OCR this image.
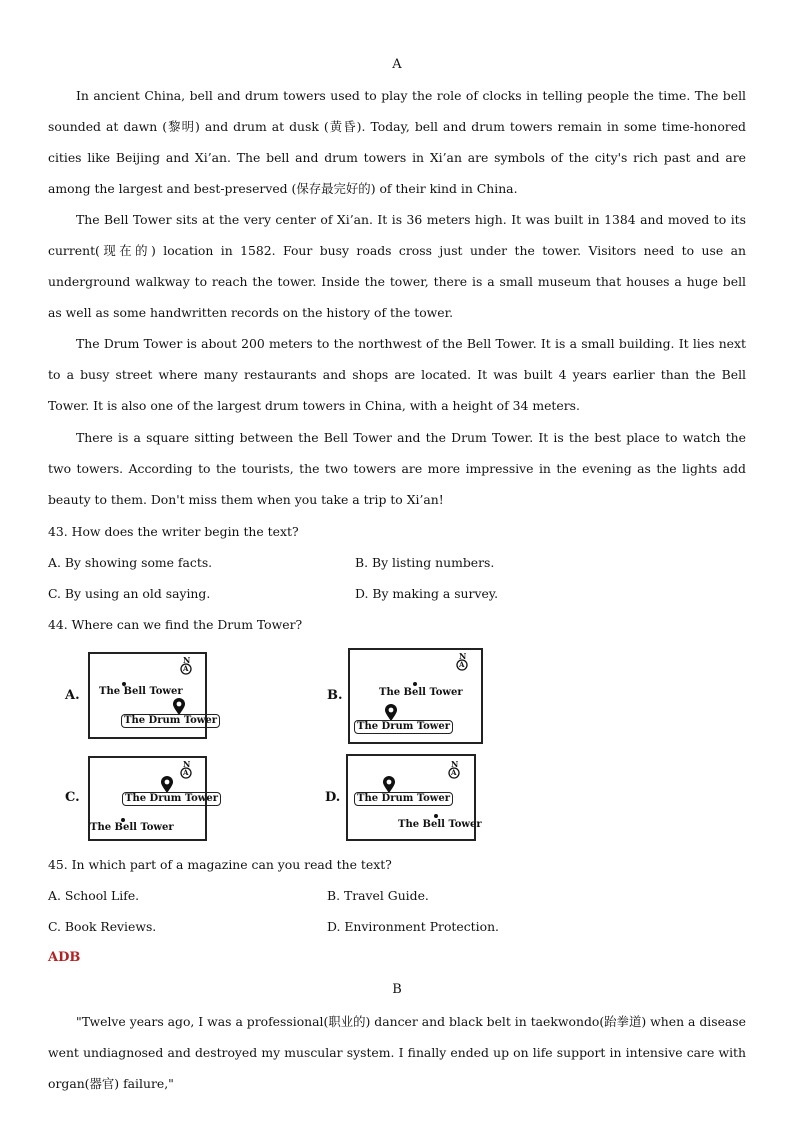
A

In ancient China, bell and drum towers used to play the role of clocks in telling people the time. The bell sounded at dawn (黎明) and drum at dusk (黄昏). Today, bell and drum towers remain in some time-honored cities like Beijing and Xi’an. The bell and drum towers in Xi’an are symbols of the city's rich past and are among the largest and best-preserved (保存最完好的) of their kind in China.

The Bell Tower sits at the very center of Xi’an. It is 36 meters high. It was built in 1384 and moved to its current(现在的) location in 1582. Four busy roads cross just under the tower. Visitors need to use an underground walkway to reach the tower. Inside the tower, there is a small museum that houses a huge bell as well as some handwritten records on the history of the tower.

The Drum Tower is about 200 meters to the northwest of the Bell Tower. It is a small building. It lies next to a busy street where many restaurants and shops are located. It was built 4 years earlier than the Bell Tower. It is also one of the largest drum towers in China, with a height of 34 meters.

There is a square sitting between the Bell Tower and the Drum Tower. It is the best place to watch the two towers. According to the tourists, the two towers are more impressive in the evening as the lights add beauty to them. Don't miss them when you take a trip to Xi’an!

43. How does the writer begin the text?
A. By showing some facts.	B. By listing numbers.
C. By using an old saying.	D. By making a survey.
44. Where can we find the Drum Tower?
A.
N
A
The Bell Tower
The Drum Tower
B.
N
A
The Bell Tower
The Drum Tower
C.
N
A
The Drum Tower
The Bell Tower
D.
N
A
The Drum Tower
The Bell Tower
45. In which part of a magazine can you read the text?
A. School Life.	B. Travel Guide.
C. Book Reviews.	D. Environment Protection.
ADB
B

"Twelve years ago, I was a professional(职业的) dancer and black belt in taekwondo(跆拳道) when a disease went undiagnosed and destroyed my muscular system. I finally ended up on life support in intensive care with organ(器官) failure,"
